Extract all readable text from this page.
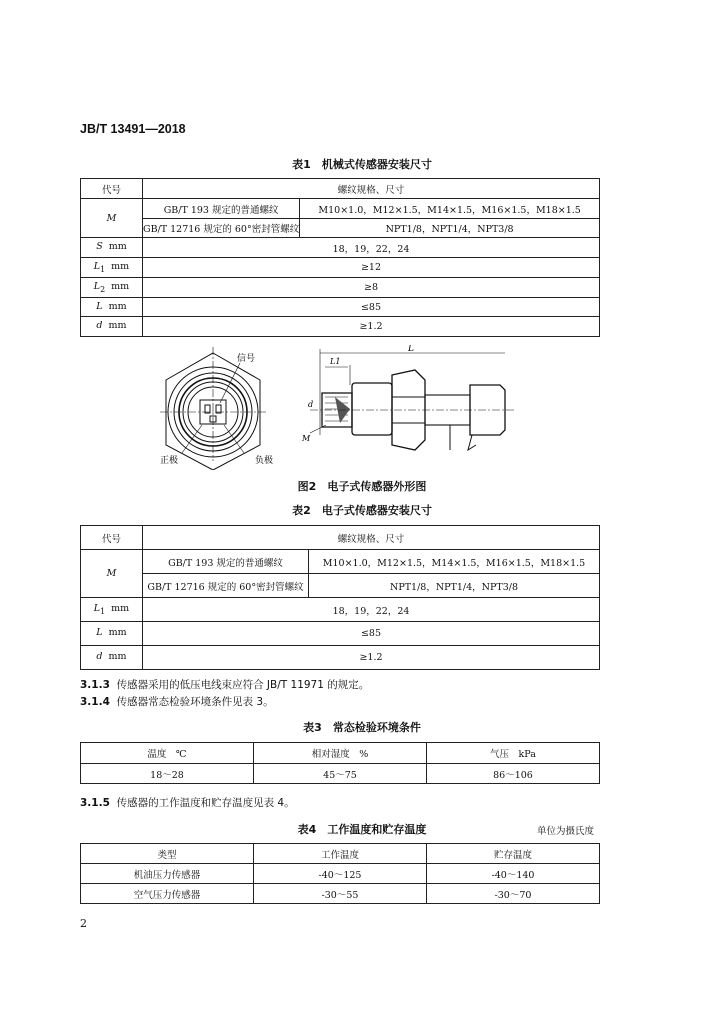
JB/T 13491—2018
表1　机械式传感器安装尺寸
代号	螺纹规格、尺寸	
M	GB/T 193 规定的普通螺纹	M10×1.0，M12×1.5，M14×1.5，M16×1.5，M18×1.5
	GB/T 12716 规定的 60°密封管螺纹	NPT1/8，NPT1/4，NPT3/8
S mm	18，19，22，24	
$L_1$ mm	≥12	
$L_2$ mm	≥8	
L mm	≤85	
d mm	≥1.2	
信号
正极	负极
L
L1
d
M
图2　电子式传感器外形图
表2　电子式传感器安装尺寸
代号	螺纹规格、尺寸	
M	GB/T 193 规定的普通螺纹	M10×1.0，M12×1.5，M14×1.5，M16×1.5，M18×1.5
	GB/T 12716 规定的 60°密封管螺纹	NPT1/8，NPT1/4，NPT3/8
$L_1$ mm	18，19，22，24	
L mm	≤85	
d mm	≥1.2	
3.1.3 传感器采用的低压电线束应符合 JB/T 11971 的规定。
3.1.4 传感器常态检验环境条件见表 3。
表3　常态检验环境条件
温度　℃	相对湿度　%	气压　kPa
18～28	45～75	86～106
3.1.5 传感器的工作温度和贮存温度见表 4。
表4　工作温度和贮存温度	单位为摄氏度
类型	工作温度	贮存温度
机油压力传感器	-40～125	-40～140
空气压力传感器	-30～55	-30～70
2
